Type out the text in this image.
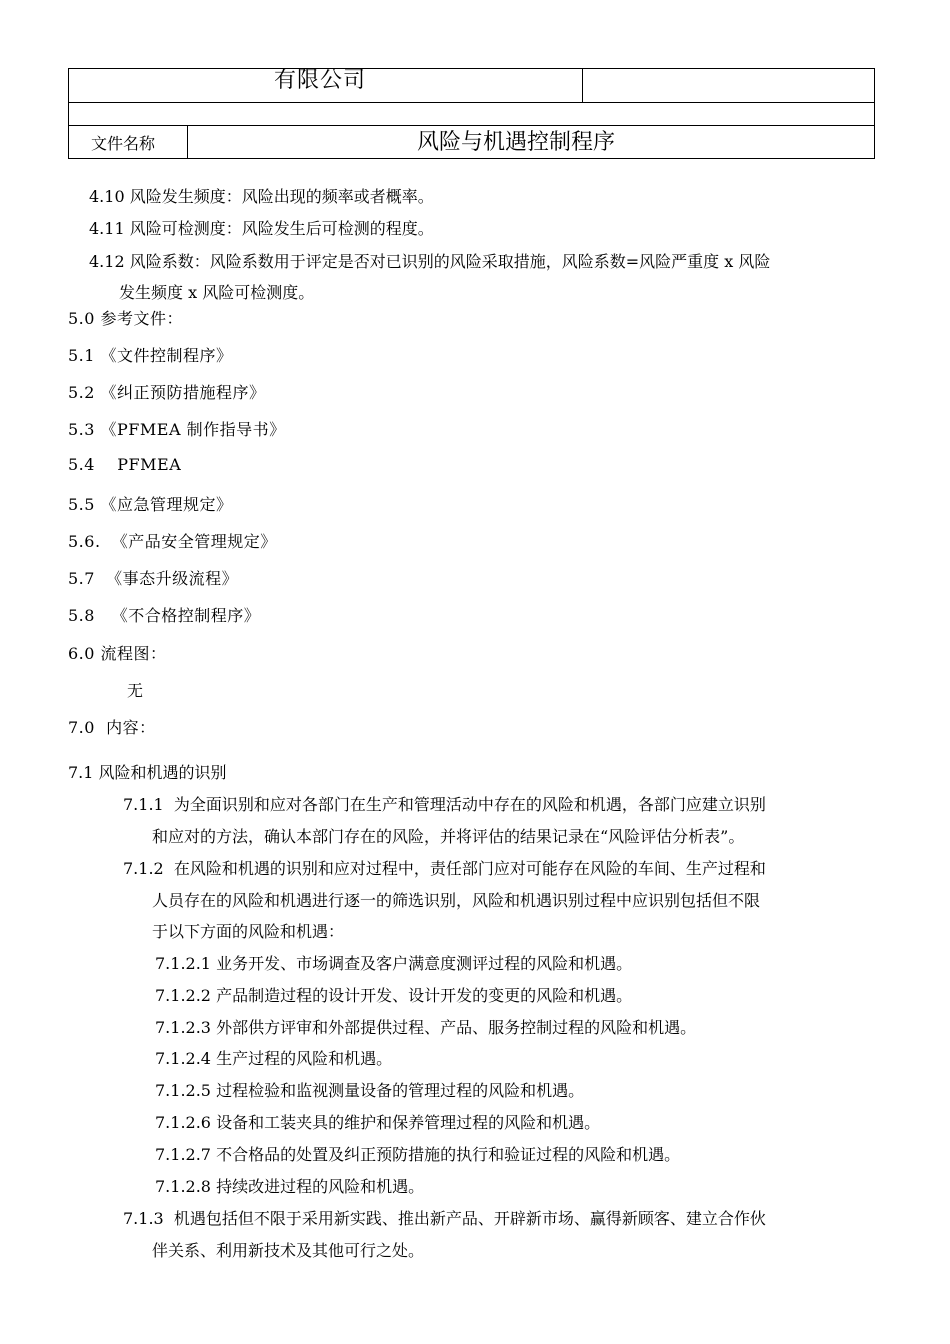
有限公司
文件名称	风险与机遇控制程序
4.10 风险发生频度：风险出现的频率或者概率。
4.11 风险可检测度：风险发生后可检测的程度。
4.12 风险系数：风险系数用于评定是否对已识别的风险采取措施，风险系数=风险严重度 x 风险
发生频度 x 风险可检测度。
5.0 参考文件：
5.1 《文件控制程序》
5.2 《纠正预防措施程序》
5.3 《PFMEA 制作指导书》
5.4    PFMEA
5.5 《应急管理规定》
5.6.  《产品安全管理规定》
5.7  《事态升级流程》
5.8   《不合格控制程序》
6.0 流程图：
无
7.0  内容：
7.1 风险和机遇的识别
7.1.1  为全面识别和应对各部门在生产和管理活动中存在的风险和机遇，各部门应建立识别
和应对的方法，确认本部门存在的风险，并将评估的结果记录在“风险评估分析表”。
7.1.2  在风险和机遇的识别和应对过程中，责任部门应对可能存在风险的车间、生产过程和
人员存在的风险和机遇进行逐一的筛选识别，风险和机遇识别过程中应识别包括但不限
于以下方面的风险和机遇：
7.1.2.1 业务开发、市场调查及客户满意度测评过程的风险和机遇。
7.1.2.2 产品制造过程的设计开发、设计开发的变更的风险和机遇。
7.1.2.3 外部供方评审和外部提供过程、产品、服务控制过程的风险和机遇。
7.1.2.4 生产过程的风险和机遇。
7.1.2.5 过程检验和监视测量设备的管理过程的风险和机遇。
7.1.2.6 设备和工装夹具的维护和保养管理过程的风险和机遇。
7.1.2.7 不合格品的处置及纠正预防措施的执行和验证过程的风险和机遇。
7.1.2.8 持续改进过程的风险和机遇。
7.1.3  机遇包括但不限于采用新实践、推出新产品、开辟新市场、赢得新顾客、建立合作伙
伴关系、利用新技术及其他可行之处。
